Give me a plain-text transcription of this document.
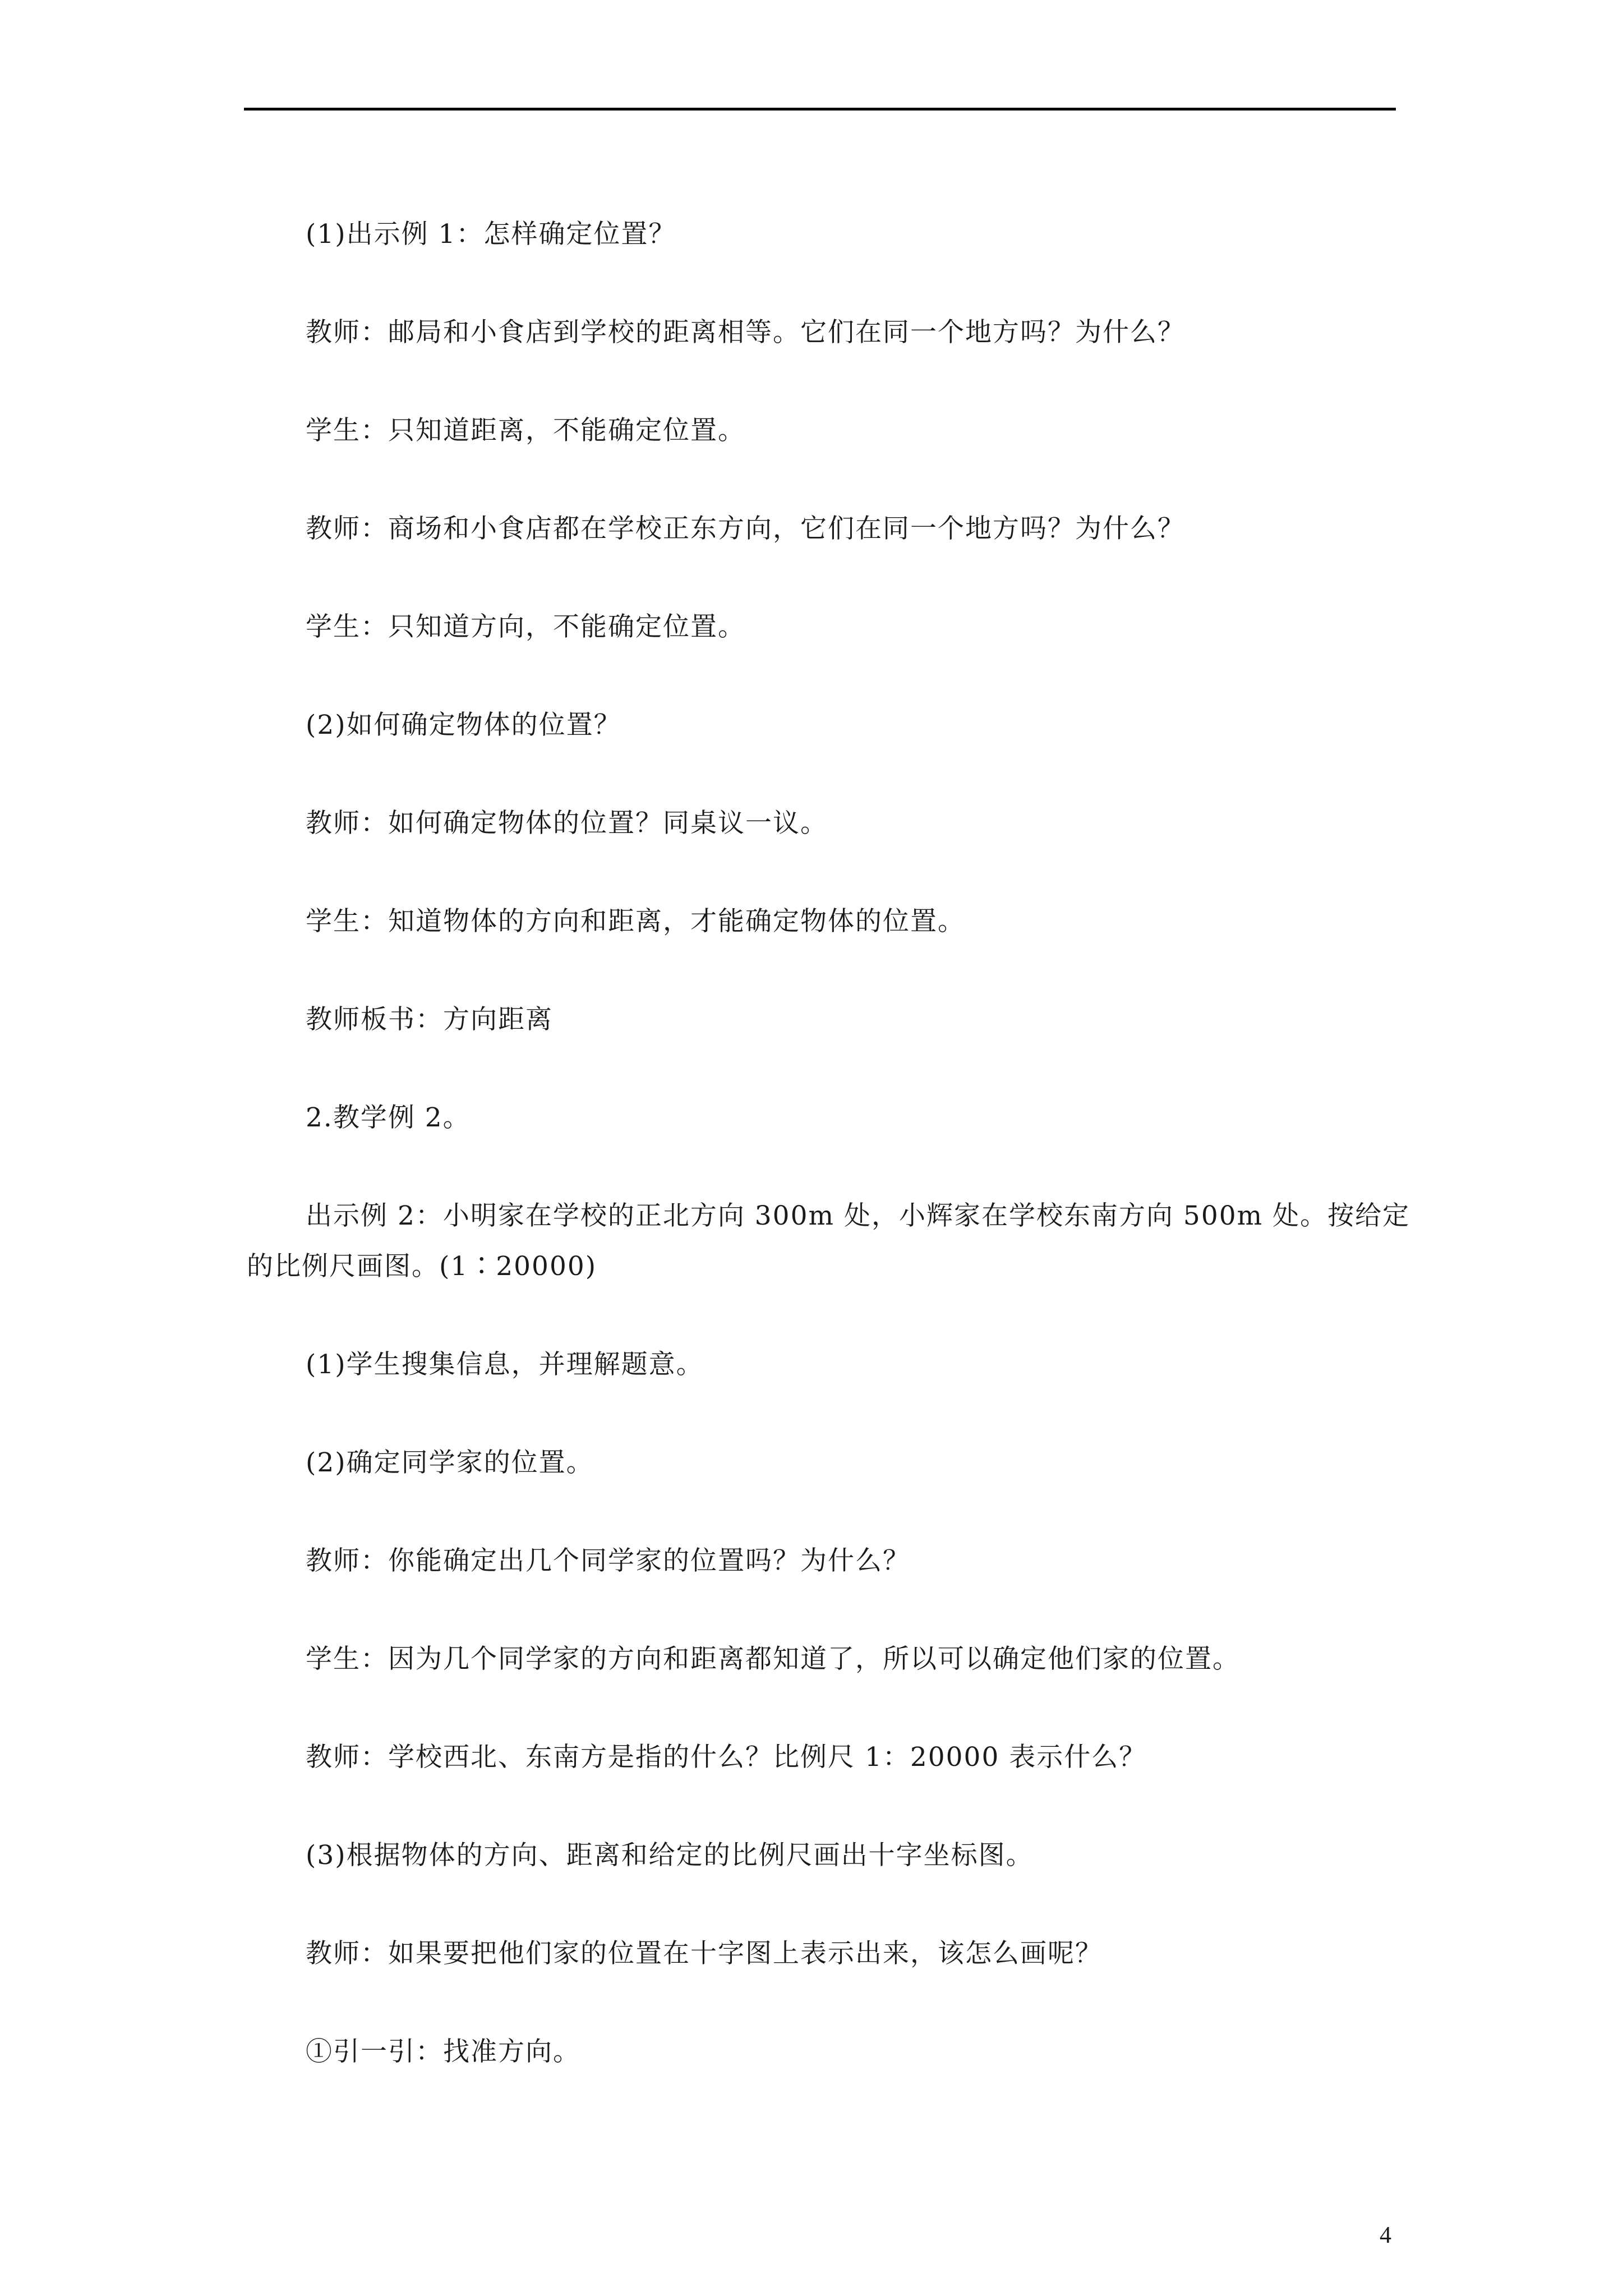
(1)出示例 1：怎样确定位置？
教师：邮局和小食店到学校的距离相等。它们在同一个地方吗？为什么？
学生：只知道距离，不能确定位置。
教师：商场和小食店都在学校正东方向，它们在同一个地方吗？为什么？
学生：只知道方向，不能确定位置。
(2)如何确定物体的位置？
教师：如何确定物体的位置？同桌议一议。
学生：知道物体的方向和距离，才能确定物体的位置。
教师板书：方向距离
2.教学例 2。
出示例 2：小明家在学校的正北方向 300m 处，小辉家在学校东南方向 500m 处。按给定
的比例尺画图。(1∶20000)
(1)学生搜集信息，并理解题意。
(2)确定同学家的位置。
教师：你能确定出几个同学家的位置吗？为什么？
学生：因为几个同学家的方向和距离都知道了，所以可以确定他们家的位置。
教师：学校西北、东南方是指的什么？比例尺 1：20000 表示什么？
(3)根据物体的方向、距离和给定的比例尺画出十字坐标图。
教师：如果要把他们家的位置在十字图上表示出来，该怎么画呢？
①引一引：找准方向。
4
